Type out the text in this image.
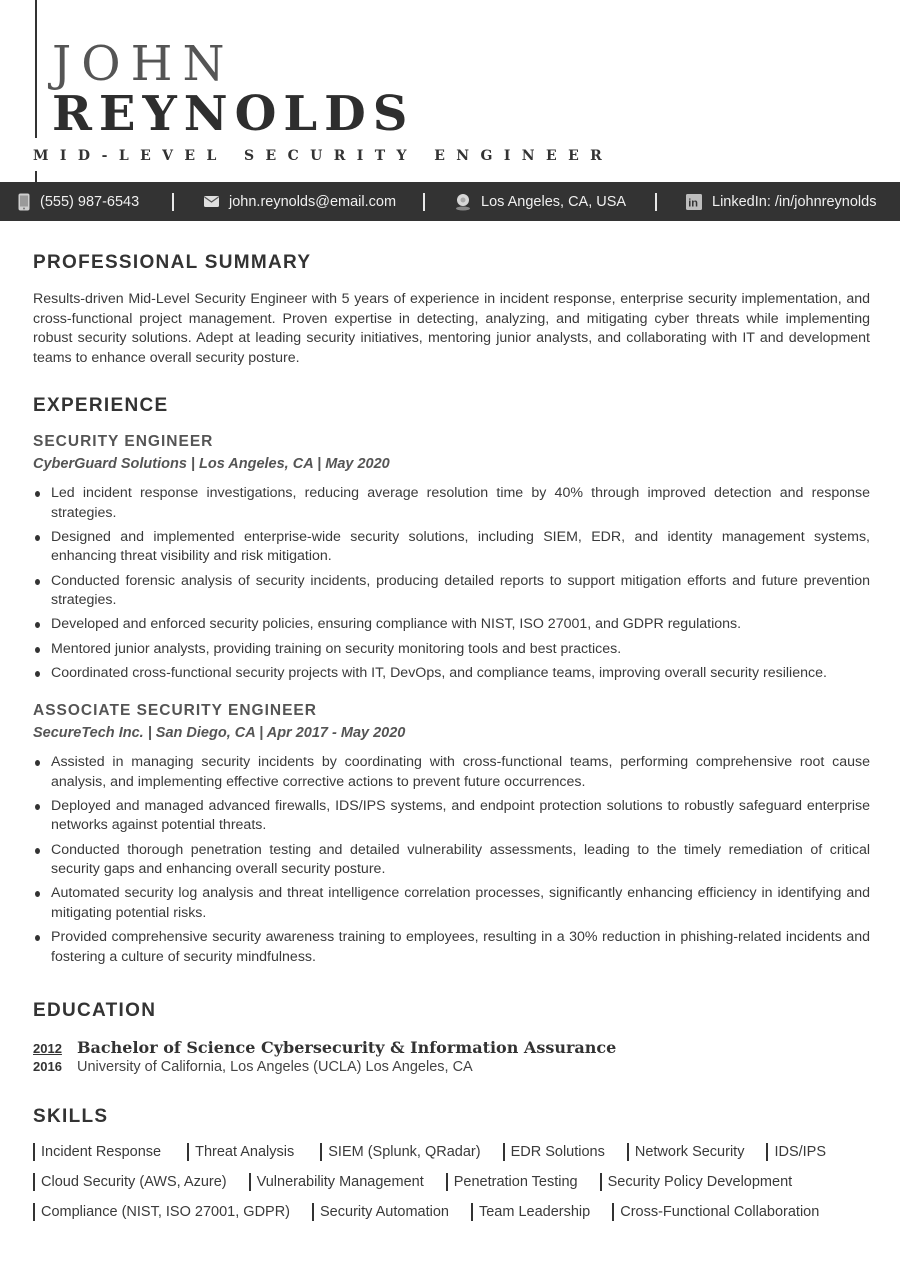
JOHN
REYNOLDS
MID-LEVEL SECURITY ENGINEER
(555) 987-6543	john.reynolds@email.com	Los Angeles, CA, USA	in LinkedIn: /in/johnreynolds
PROFESSIONAL SUMMARY

Results-driven Mid-Level Security Engineer with 5 years of experience in incident response, enterprise security implementation, and cross-functional project management. Proven expertise in detecting, analyzing, and mitigating cyber threats while implementing robust security solutions. Adept at leading security initiatives, mentoring junior analysts, and collaborating with IT and development teams to enhance overall security posture.

EXPERIENCE
SECURITY ENGINEER
CyberGuard Solutions | Los Angeles, CA | May 2020
Led incident response investigations, reducing average resolution time by 40% through improved detection and response strategies.
Designed and implemented enterprise-wide security solutions, including SIEM, EDR, and identity management systems, enhancing threat visibility and risk mitigation.
Conducted forensic analysis of security incidents, producing detailed reports to support mitigation efforts and future prevention strategies.
Developed and enforced security policies, ensuring compliance with NIST, ISO 27001, and GDPR regulations.
Mentored junior analysts, providing training on security monitoring tools and best practices.
Coordinated cross-functional security projects with IT, DevOps, and compliance teams, improving overall security resilience.
ASSOCIATE SECURITY ENGINEER
SecureTech Inc. | San Diego, CA | Apr 2017 - May 2020
Assisted in managing security incidents by coordinating with cross-functional teams, performing comprehensive root cause analysis, and implementing effective corrective actions to prevent future occurrences.
Deployed and managed advanced firewalls, IDS/IPS systems, and endpoint protection solutions to robustly safeguard enterprise networks against potential threats.
Conducted thorough penetration testing and detailed vulnerability assessments, leading to the timely remediation of critical security gaps and enhancing overall security posture.
Automated security log analysis and threat intelligence correlation processes, significantly enhancing efficiency in identifying and mitigating potential risks.
Provided comprehensive security awareness training to employees, resulting in a 30% reduction in phishing-related incidents and fostering a culture of security mindfulness.
EDUCATION
2012 Bachelor of Science Cybersecurity & Information Assurance
2016	University of California, Los Angeles (UCLA) Los Angeles, CA
SKILLS
Incident Response Threat Analysis SIEM (Splunk, QRadar) EDR Solutions Network Security IDS/IPS
Cloud Security (AWS, Azure) Vulnerability Management Penetration Testing Security Policy Development
Compliance (NIST, ISO 27001, GDPR) Security Automation Team Leadership Cross-Functional Collaboration
